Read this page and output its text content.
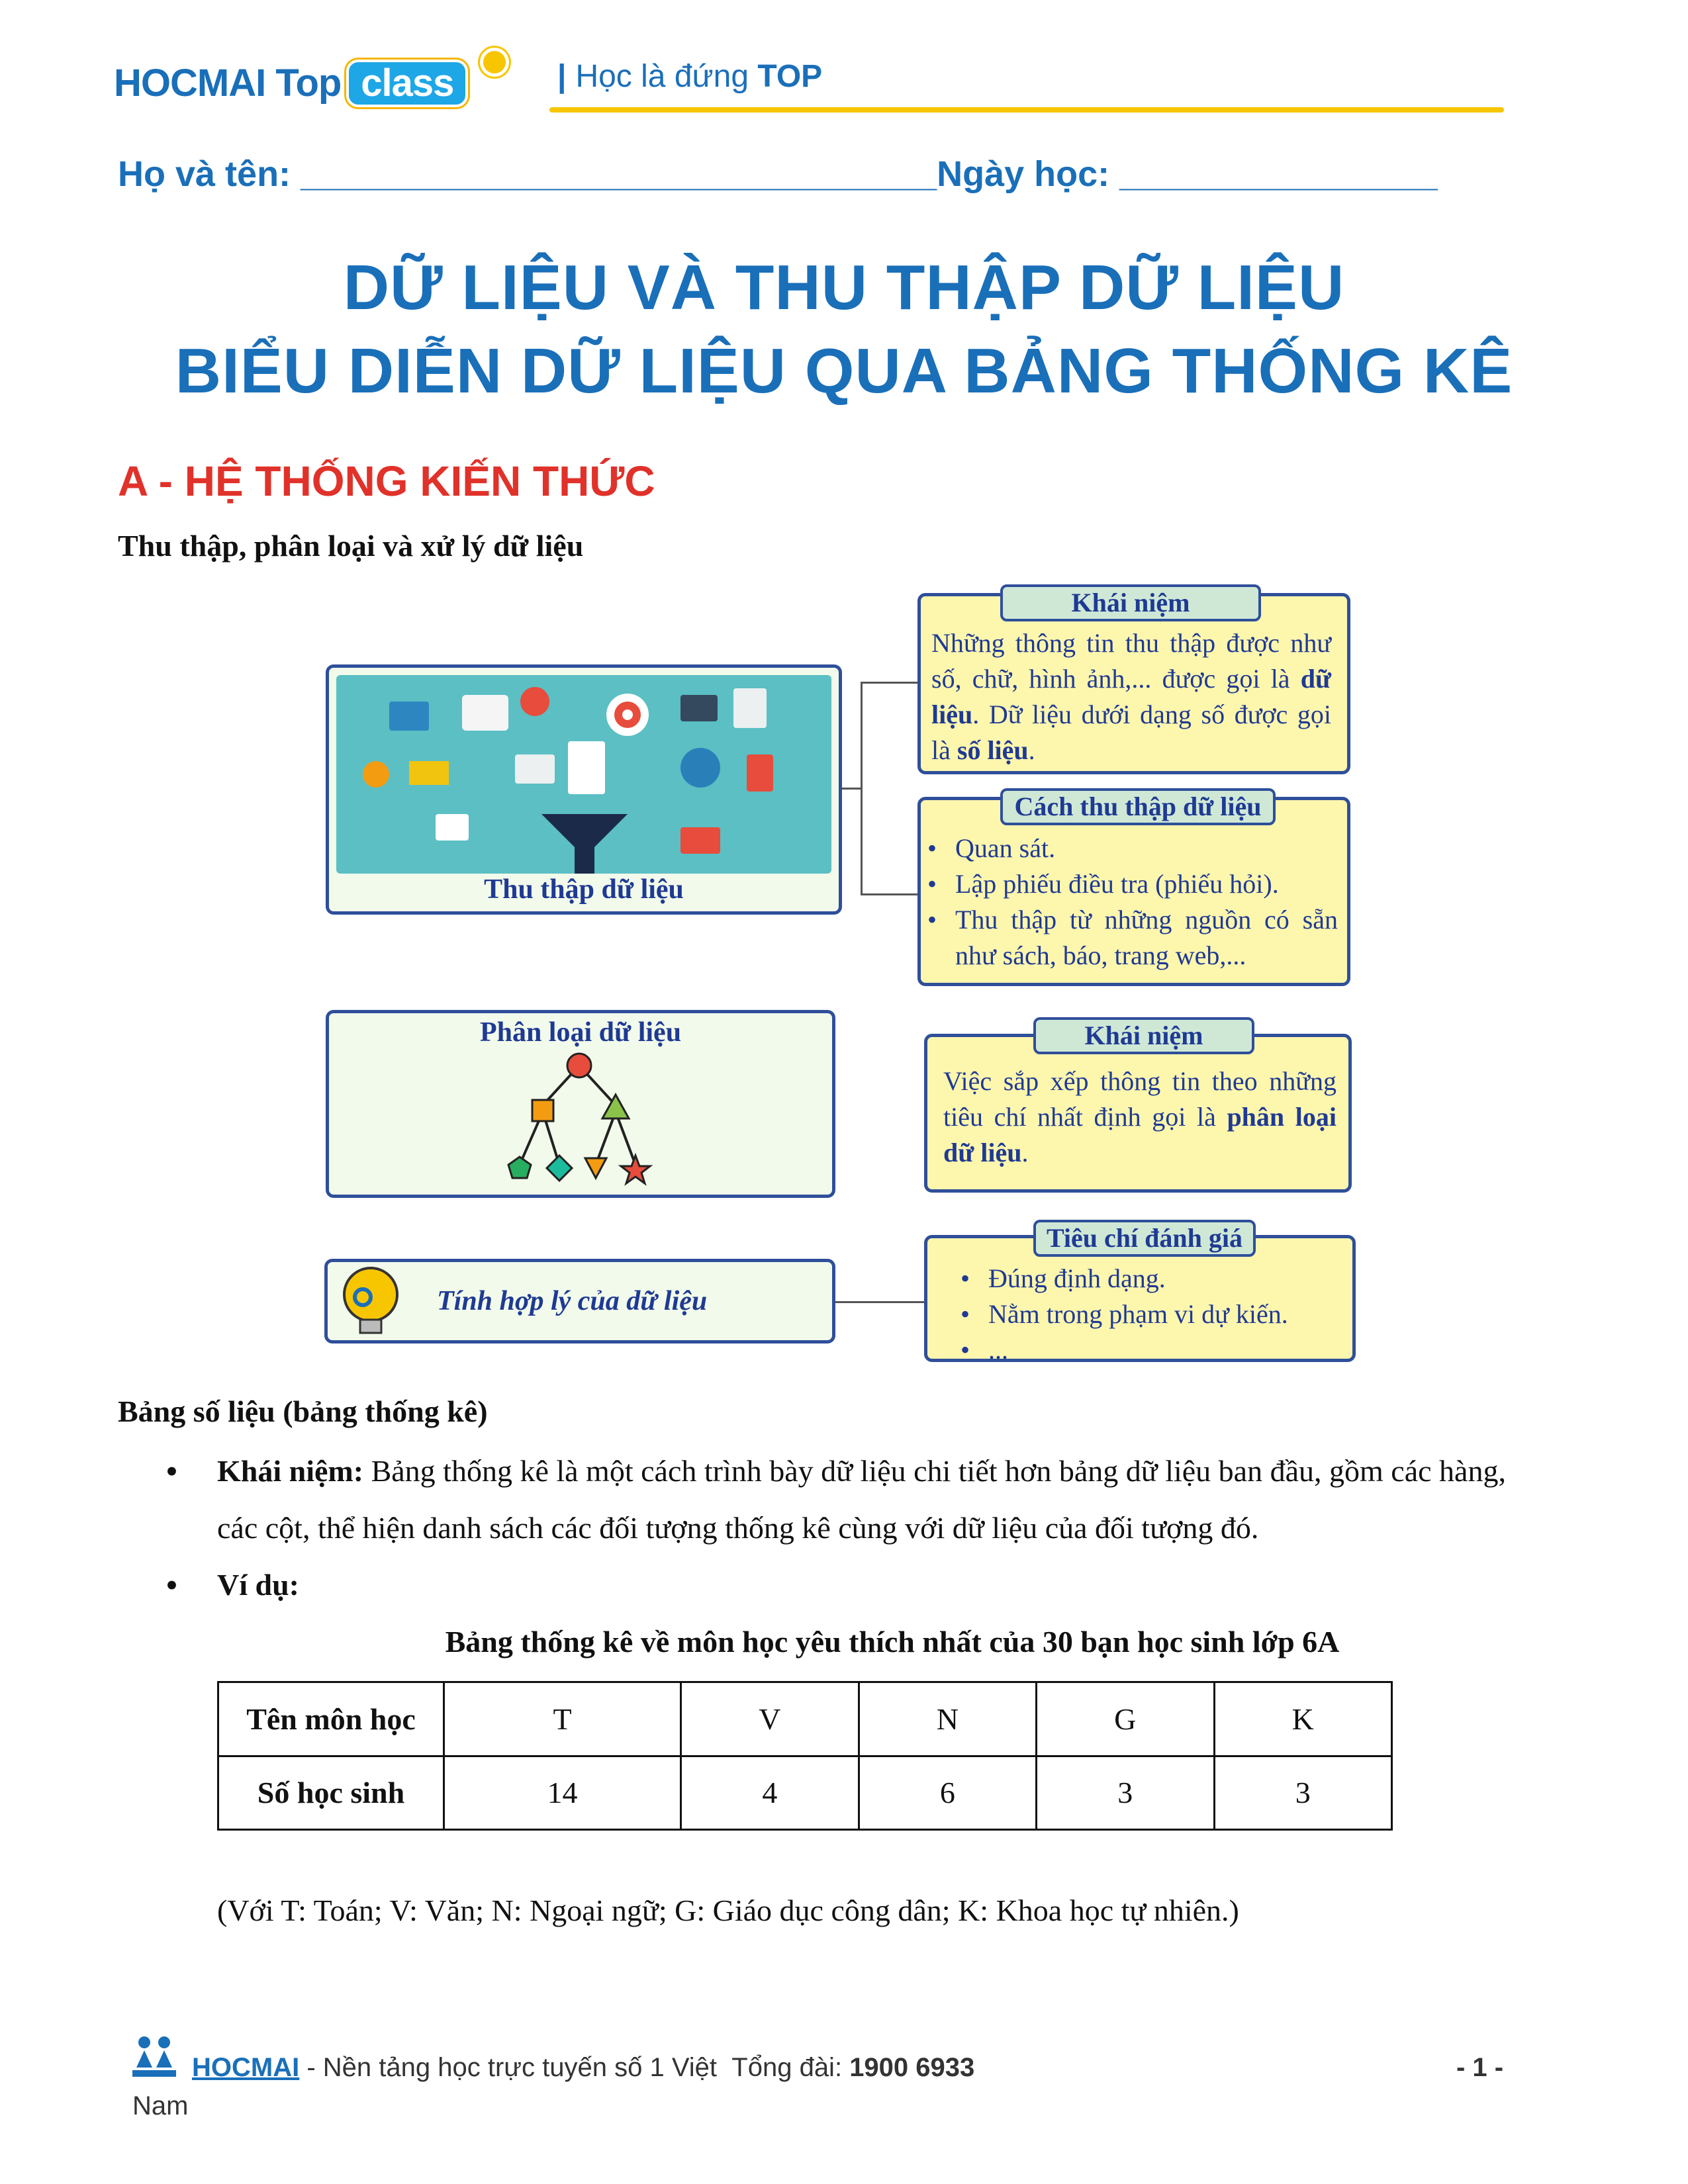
HOCMAI Top class	| Học là đứng TOP
Họ và tên: ________________________________Ngày học: ________________
DỮ LIỆU VÀ THU THẬP DỮ LIỆU
BIỂU DIỄN DỮ LIỆU QUA BẢNG THỐNG KÊ
A - HỆ THỐNG KIẾN THỨC
Thu thập, phân loại và xử lý dữ liệu
Thu thập dữ liệu
Khái niệm
Những thông tin thu thập được như số, chữ, hình ảnh,... được gọi là dữ liệu. Dữ liệu dưới dạng số được gọi là số liệu.
Cách thu thập dữ liệu
• Quan sát.
• Lập phiếu điều tra (phiếu hỏi).
• Thu thập từ những nguồn có sẵn như sách, báo, trang web,...
Phân loại dữ liệu	Khái niệm
Việc sắp xếp thông tin theo những tiêu chí nhất định gọi là phân loại dữ liệu.
Tính hợp lý của dữ liệu
Tiêu chí đánh giá
• Đúng định dạng.
• Nằm trong phạm vi dự kiến.
• ...
Bảng số liệu (bảng thống kê)
• Khái niệm: Bảng thống kê là một cách trình bày dữ liệu chi tiết hơn bảng dữ liệu ban đầu, gồm các hàng, các cột, thể hiện danh sách các đối tượng thống kê cùng với dữ liệu của đối tượng đó.
• Ví dụ:
Bảng thống kê về môn học yêu thích nhất của 30 bạn học sinh lớp 6A
Tên môn học	T	V	N	G	K
Số học sinh	14	4	6	3	3
(Với T: Toán; V: Văn; N: Ngoại ngữ; G: Giáo dục công dân; K: Khoa học tự nhiên.)
HOCMAI - Nền tảng học trực tuyến số 1 Việt Tổng đài: 1900 6933	- 1 -
Nam
